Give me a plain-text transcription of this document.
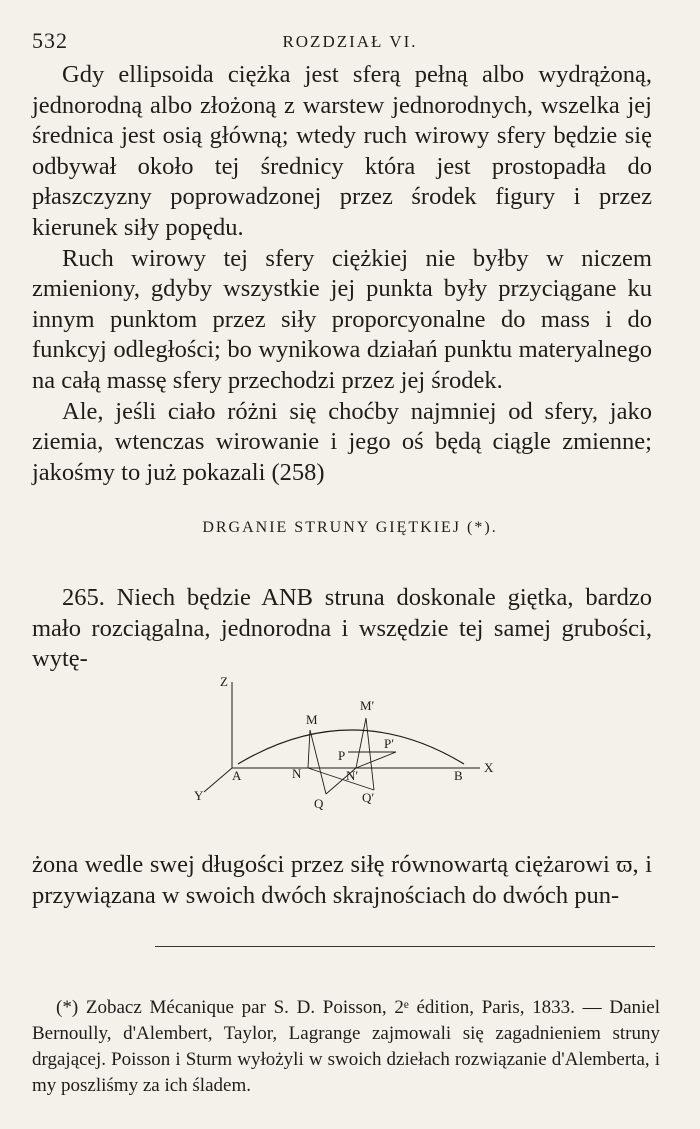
532	ROZDZIAŁ VI.

Gdy ellipsoida ciężka jest sferą pełną albo wydrążoną, jednorodną albo złożoną z warstew jednorodnych, wszelka jej średnica jest osią główną; wtedy ruch wirowy sfery będzie się odbywał około tej średnicy która jest prostopadła do płaszczyzny poprowadzonej przez środek figury i przez kierunek siły popędu.

Ruch wirowy tej sfery ciężkiej nie byłby w niczem zmieniony, gdyby wszystkie jej punkta były przyciągane ku innym punktom przez siły proporcyonalne do mass i do funkcyj odległości; bo wynikowa działań punktu materyalnego na całą massę sfery przechodzi przez jej środek.

Ale, jeśli ciało różni się choćby najmniej od sfery, jako ziemia, wtenczas wirowanie i jego oś będą ciągle zmienne; jakośmy to już pokazali (258)

DRGANIE STRUNY GIĘTKIEJ (*).

265. Niech będzie ANB struna doskonale giętka, bardzo mało rozciągalna, jednorodna i wszędzie tej samej grubości, wytę-

Z
Y
X
A	B
M
M′
N	N′
P
P′
Q	Q′

żona wedle swej długości przez siłę równowartą ciężarowi ϖ, i przywiązana w swoich dwóch skrajnościach do dwóch pun-

(*) Zobacz Mécanique par S. D. Poisson, 2ᵉ édition, Paris, 1833. — Daniel Bernoully, d'Alembert, Taylor, Lagrange zajmowali się zagadnieniem struny drgającej. Poisson i Sturm wyłożyli w swoich dziełach rozwiązanie d'Alemberta, i my poszliśmy za ich śladem.
